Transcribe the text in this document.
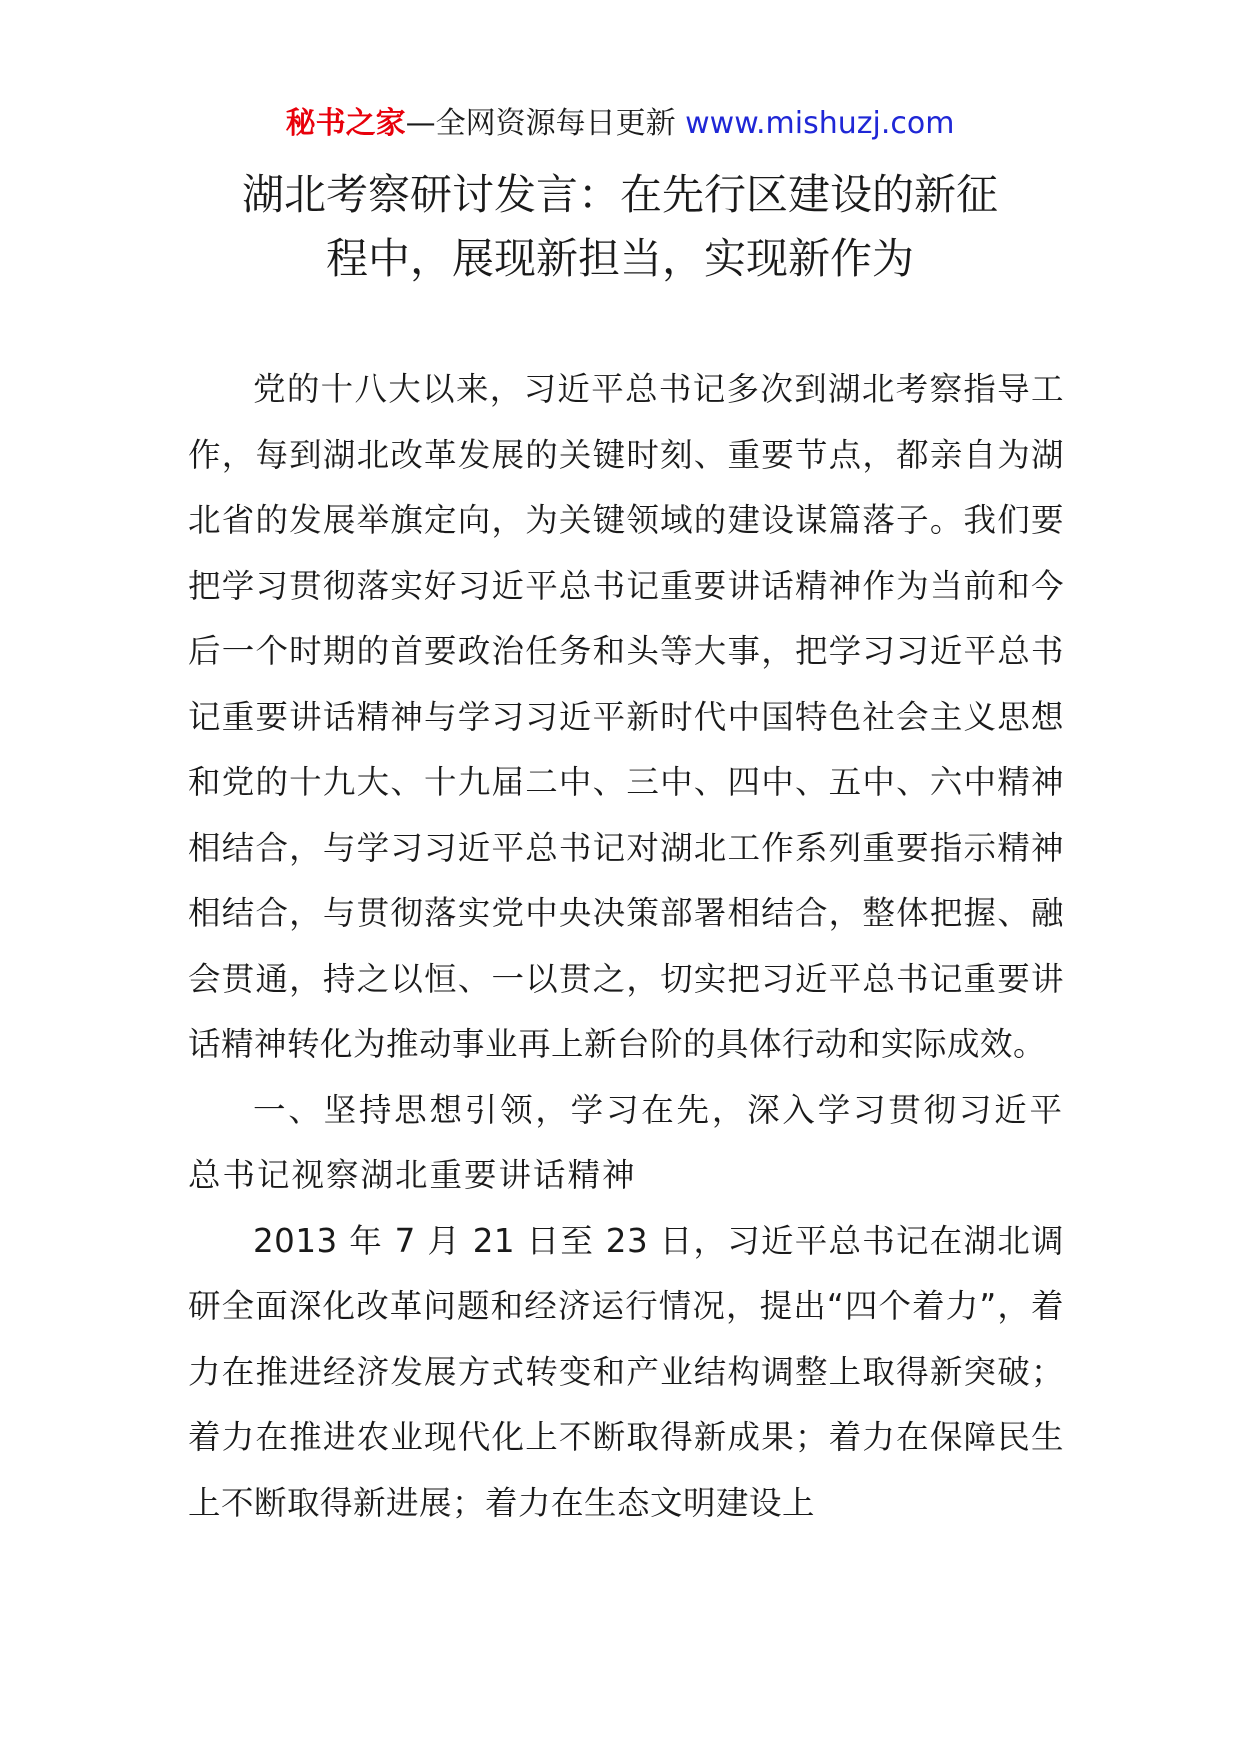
秘书之家—全网资源每日更新 www.mishuzj.com
湖北考察研讨发言：在先行区建设的新征
程中，展现新担当，实现新作为

党的十八大以来，习近平总书记多次到湖北考察指导工作，每到湖北改革发展的关键时刻、重要节点，都亲自为湖北省的发展举旗定向，为关键领域的建设谋篇落子。我们要把学习贯彻落实好习近平总书记重要讲话精神作为当前和今后一个时期的首要政治任务和头等大事，把学习习近平总书记重要讲话精神与学习习近平新时代中国特色社会主义思想和党的十九大、十九届二中、三中、四中、五中、六中精神相结合，与学习习近平总书记对湖北工作系列重要指示精神相结合，与贯彻落实党中央决策部署相结合，整体把握、融会贯通，持之以恒、一以贯之，切实把习近平总书记重要讲话精神转化为推动事业再上新台阶的具体行动和实际成效。

一、坚持思想引领，学习在先，深入学习贯彻习近平总书记视察湖北重要讲话精神

2013 年 7 月 21 日至 23 日，习近平总书记在湖北调研全面深化改革问题和经济运行情况，提出“四个着力”，着力在推进经济发展方式转变和产业结构调整上取得新突破；着力在推进农业现代化上不断取得新成果；着力在保障民生上不断取得新进展；着力在生态文明建设上
